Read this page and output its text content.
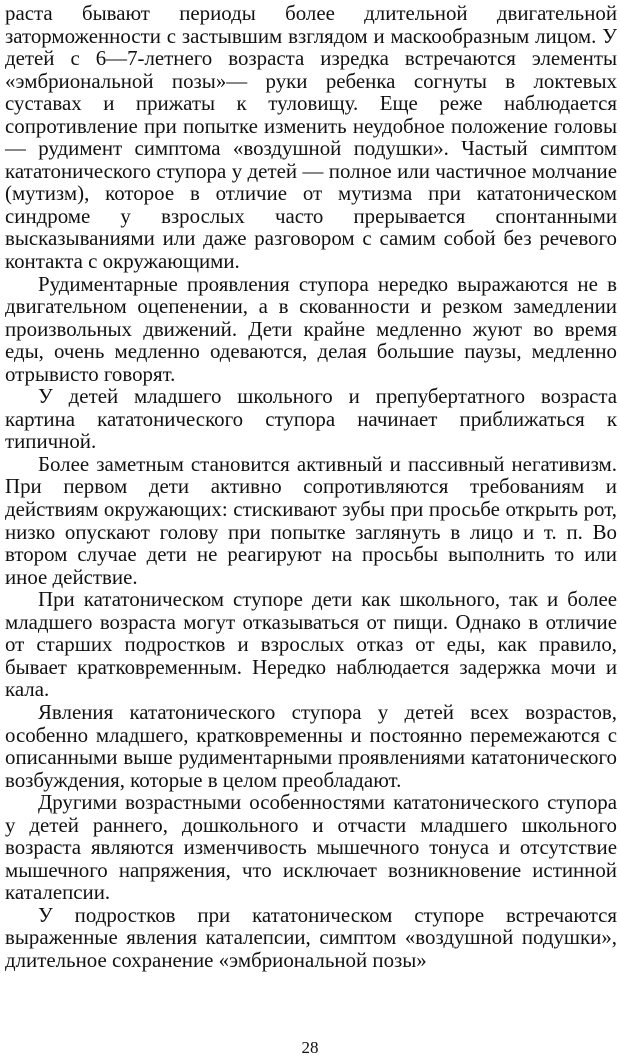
раста бывают периоды более длительной двигательной заторможенности с застывшим взглядом и маскообразным лицом. У детей с 6—7-летнего возраста изредка встречаются элементы «эмбриональной позы»— руки ребенка согнуты в локтевых суставах и прижаты к туловищу. Еще реже наблюдается сопротивление при попытке изменить неудобное положение головы — рудимент симптома «воздушной подушки». Частый симптом кататонического ступора у детей — полное или частичное молчание (мутизм), которое в отличие от мутизма при кататоническом синдроме у взрослых часто прерывается спонтанными высказываниями или даже разговором с самим собой без речевого контакта с окружающими.

Рудиментарные проявления ступора нередко выражаются не в двигательном оцепенении, а в скованности и резком замедлении произвольных движений. Дети крайне медленно жуют во время еды, очень медленно одеваются, делая большие паузы, медленно отрывисто говорят.

У детей младшего школьного и препубертатного возраста картина кататонического ступора начинает приближаться к типичной.

Более заметным становится активный и пассивный негативизм. При первом дети активно сопротивляются требованиям и действиям окружающих: стискивают зубы при просьбе открыть рот, низко опускают голову при попытке заглянуть в лицо и т. п. Во втором случае дети не реагируют на просьбы выполнить то или иное действие.

При кататоническом ступоре дети как школьного, так и более младшего возраста могут отказываться от пищи. Однако в отличие от старших подростков и взрослых отказ от еды, как правило, бывает кратковременным. Нередко наблюдается задержка мочи и кала.

Явления кататонического ступора у детей всех возрастов, особенно младшего, кратковременны и постоянно перемежаются с описанными выше рудиментарными проявлениями кататонического возбуждения, которые в целом преобладают.

Другими возрастными особенностями кататонического ступора у детей раннего, дошкольного и отчасти младшего школьного возраста являются изменчивость мышечного тонуса и отсутствие мышечного напряжения, что исключает возникновение истинной каталепсии.

У подростков при кататоническом ступоре встречаются выраженные явления каталепсии, симптом «воздушной подушки», длительное сохранение «эмбриональной позы»

28
